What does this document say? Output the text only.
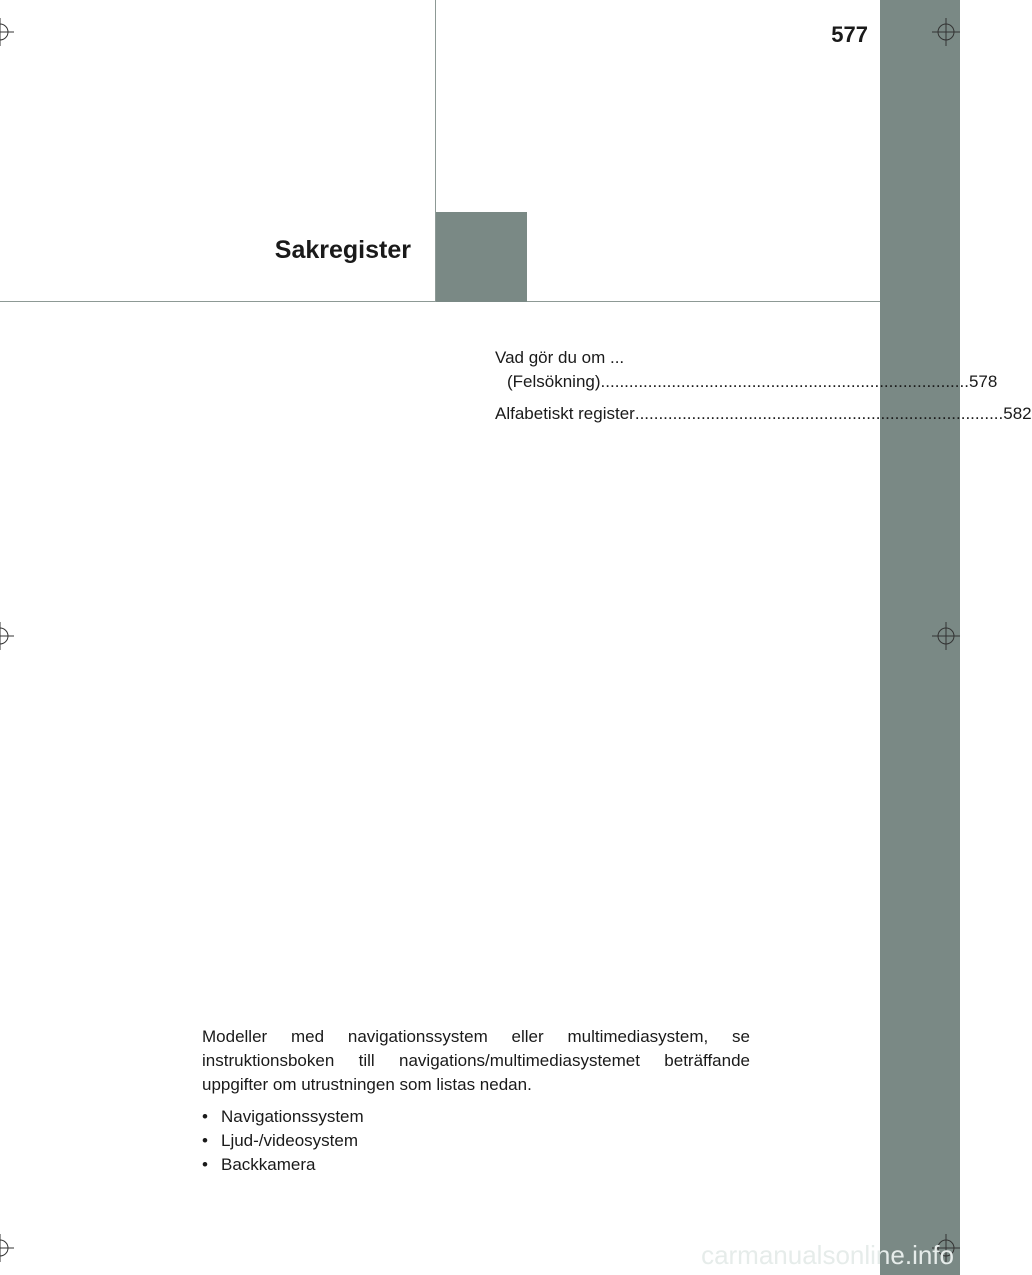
577
Sakregister
Vad gör du om ...
(Felsökning) .............................................................................. 578
Alfabetiskt register .............................................................................. 582

Modeller med navigationssystem eller multimediasystem, se instruktionsboken till navigations/multimediasystemet beträffande uppgifter om utrustningen som listas nedan.

• Navigationssystem
• Ljud-/videosystem
• Backkamera
carmanualsonline.info
